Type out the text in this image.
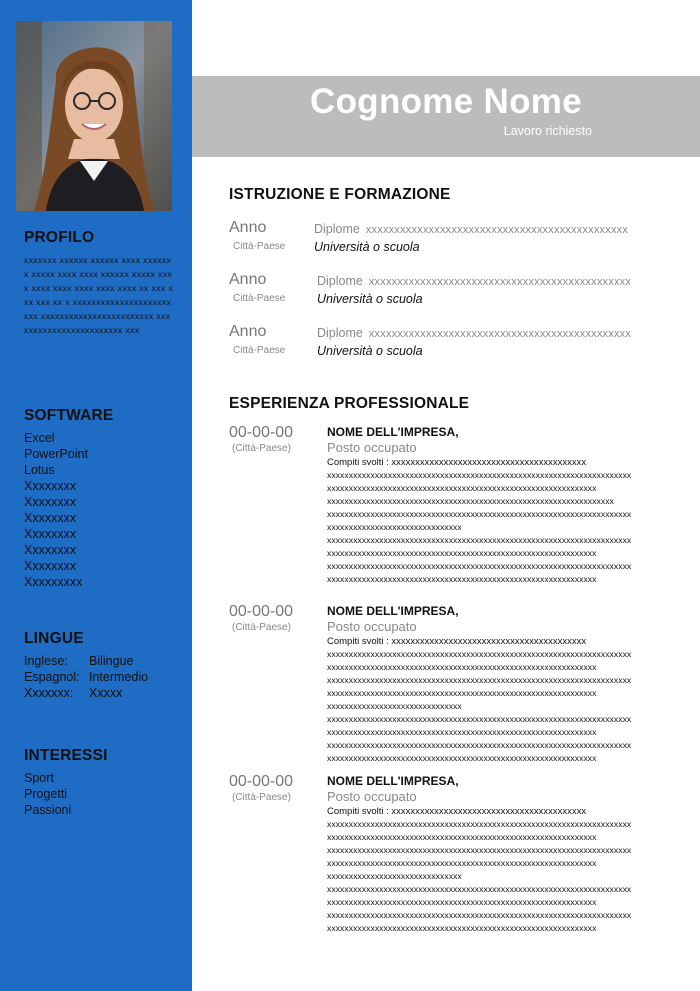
Cognome Nome
Lavoro richiesto
PROFILO
xxxxxxx xxxxxx xxxxxx xxxx xxxxxxx xxxxx xxxx xxxx xxxxxx xxxxx xxxx xxxx xxxx xxxx xxxx xxxx xx xxx xxx xxx xx x xxxxxxxxxxxxxxxxxxxxxxxx xxxxxxxxxxxxxxxxxxxxxxxx xxxxxxxxxxxxxxxxxxxxxxxx xxx
SOFTWARE
Excel
PowerPoint
Lotus
Xxxxxxxx
Xxxxxxxx
Xxxxxxxx
Xxxxxxxx
Xxxxxxxx
Xxxxxxxx
Xxxxxxxxx
LINGUE
Inglese:	Bilingue
Espagnol: Intermedio
Xxxxxxx:	Xxxxx
INTERESSI
Sport
Progetti
Passioni
ISTRUZIONE E FORMAZIONE
Anno
Città-Paese
Diplome xxxxxxxxxxxxxxxxxxxxxxxxxxxxxxxxxxxxxxxxxxxxxx
Università o scuola
Anno
Città-Paese
Diplome xxxxxxxxxxxxxxxxxxxxxxxxxxxxxxxxxxxxxxxxxxxxxx
Università o scuola
Anno
Città-Paese
Diplome xxxxxxxxxxxxxxxxxxxxxxxxxxxxxxxxxxxxxxxxxxxxxx
Università o scuola
ESPERIENZA PROFESSIONALE
00-00-00
(Città-Paese)
NOME DELL'IMPRESA,
Posto occupato
Compiti svolti : xxxxxxxxxxxxxxxxxxxxxxxxxxxxxxxxxxxxxxxxx
xxxxxxxxxxxxxxxxxxxxxxxxxxxxxxxxxxxxxxxxxxxxxxxxxxxxxxxxxxxxxxxxxxxxxx
xxxxxxxxxxxxxxxxxxxxxxxxxxxxxxxxxxxxxxxxxxxxxxxxxxxxxxxxxxxxxx
xxxxxxxxxxxxxxxxxxxxxxxxxxxxxxxxxxxxxxxxxxxxxxxxxxxxxxxxxxxxxxxxxx
xxxxxxxxxxxxxxxxxxxxxxxxxxxxxxxxxxxxxxxxxxxxxxxxxxxxxxxxxxxxxxxxxxxxxx
xxxxxxxxxxxxxxxxxxxxxxxxxxxxxxx
xxxxxxxxxxxxxxxxxxxxxxxxxxxxxxxxxxxxxxxxxxxxxxxxxxxxxxxxxxxxxxxxxxxxxx
xxxxxxxxxxxxxxxxxxxxxxxxxxxxxxxxxxxxxxxxxxxxxxxxxxxxxxxxxxxxxx
xxxxxxxxxxxxxxxxxxxxxxxxxxxxxxxxxxxxxxxxxxxxxxxxxxxxxxxxxxxxxxxxxxxxxx
xxxxxxxxxxxxxxxxxxxxxxxxxxxxxxxxxxxxxxxxxxxxxxxxxxxxxxxxxxxxxx
00-00-00
(Città-Paese)
NOME DELL'IMPRESA,
Posto occupato
Compiti svolti : xxxxxxxxxxxxxxxxxxxxxxxxxxxxxxxxxxxxxxxxx
xxxxxxxxxxxxxxxxxxxxxxxxxxxxxxxxxxxxxxxxxxxxxxxxxxxxxxxxxxxxxxxxxxxxxx
xxxxxxxxxxxxxxxxxxxxxxxxxxxxxxxxxxxxxxxxxxxxxxxxxxxxxxxxxxxxxx
xxxxxxxxxxxxxxxxxxxxxxxxxxxxxxxxxxxxxxxxxxxxxxxxxxxxxxxxxxxxxxxxxxxxxx
xxxxxxxxxxxxxxxxxxxxxxxxxxxxxxxxxxxxxxxxxxxxxxxxxxxxxxxxxxxxxx
xxxxxxxxxxxxxxxxxxxxxxxxxxxxxxx
xxxxxxxxxxxxxxxxxxxxxxxxxxxxxxxxxxxxxxxxxxxxxxxxxxxxxxxxxxxxxxxxxxxxxx
xxxxxxxxxxxxxxxxxxxxxxxxxxxxxxxxxxxxxxxxxxxxxxxxxxxxxxxxxxxxxx
xxxxxxxxxxxxxxxxxxxxxxxxxxxxxxxxxxxxxxxxxxxxxxxxxxxxxxxxxxxxxxxxxxxxxx
xxxxxxxxxxxxxxxxxxxxxxxxxxxxxxxxxxxxxxxxxxxxxxxxxxxxxxxxxxxxxx
00-00-00
(Città-Paese)
NOME DELL'IMPRESA,
Posto occupato
Compiti svolti : xxxxxxxxxxxxxxxxxxxxxxxxxxxxxxxxxxxxxxxxx
xxxxxxxxxxxxxxxxxxxxxxxxxxxxxxxxxxxxxxxxxxxxxxxxxxxxxxxxxxxxxxxxxxxxxx
xxxxxxxxxxxxxxxxxxxxxxxxxxxxxxxxxxxxxxxxxxxxxxxxxxxxxxxxxxxxxx
xxxxxxxxxxxxxxxxxxxxxxxxxxxxxxxxxxxxxxxxxxxxxxxxxxxxxxxxxxxxxxxxxxxxxx
xxxxxxxxxxxxxxxxxxxxxxxxxxxxxxxxxxxxxxxxxxxxxxxxxxxxxxxxxxxxxx
xxxxxxxxxxxxxxxxxxxxxxxxxxxxxxx
xxxxxxxxxxxxxxxxxxxxxxxxxxxxxxxxxxxxxxxxxxxxxxxxxxxxxxxxxxxxxxxxxxxxxx
xxxxxxxxxxxxxxxxxxxxxxxxxxxxxxxxxxxxxxxxxxxxxxxxxxxxxxxxxxxxxx
xxxxxxxxxxxxxxxxxxxxxxxxxxxxxxxxxxxxxxxxxxxxxxxxxxxxxxxxxxxxxxxxxxxxxx
xxxxxxxxxxxxxxxxxxxxxxxxxxxxxxxxxxxxxxxxxxxxxxxxxxxxxxxxxxxxxx
